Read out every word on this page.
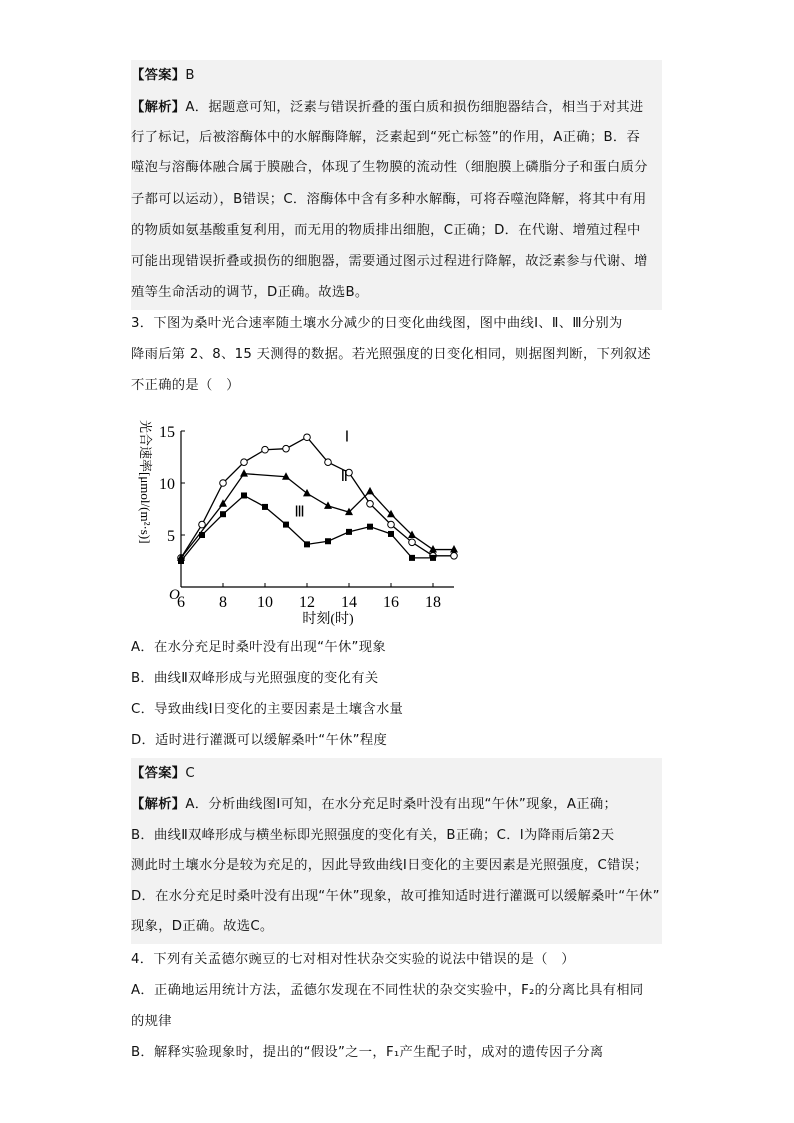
【答案】B
【解析】A．据题意可知，泛素与错误折叠的蛋白质和损伤细胞器结合，相当于对其进
行了标记，后被溶酶体中的水解酶降解，泛素起到“死亡标签”的作用，A正确；B．吞
噬泡与溶酶体融合属于膜融合，体现了生物膜的流动性（细胞膜上磷脂分子和蛋白质分
子都可以运动），B错误；C．溶酶体中含有多种水解酶，可将吞噬泡降解，将其中有用
的物质如氨基酸重复利用，而无用的物质排出细胞，C正确；D．在代谢、增殖过程中
可能出现错误折叠或损伤的细胞器，需要通过图示过程进行降解，故泛素参与代谢、增
殖等生命活动的调节，D正确。故选B。
3．下图为桑叶光合速率随土壤水分减少的日变化曲线图，图中曲线Ⅰ、Ⅱ、Ⅲ分别为
降雨后第 2、8、15 天测得的数据。若光照强度的日变化相同，则据图判断，下列叙述
不正确的是（　）
O
6 8 10 12 14 16 18
5
10
15
时刻(时)
光合速率[μmol/(m²·s)]	Ⅰ
Ⅱ
Ⅲ
A．在水分充足时桑叶没有出现“午休”现象
B．曲线Ⅱ双峰形成与光照强度的变化有关
C．导致曲线Ⅰ日变化的主要因素是土壤含水量
D．适时进行灌溉可以缓解桑叶“午休”程度
【答案】C
【解析】A．分析曲线图Ⅰ可知，在水分充足时桑叶没有出现“午休”现象，A正确；
B．曲线Ⅱ双峰形成与横坐标即光照强度的变化有关，B正确；C．Ⅰ为降雨后第2天
测此时土壤水分是较为充足的，因此导致曲线Ⅰ日变化的主要因素是光照强度，C错误；
D．在水分充足时桑叶没有出现“午休”现象，故可推知适时进行灌溉可以缓解桑叶“午休”
现象，D正确。故选C。
4．下列有关孟德尔豌豆的七对相对性状杂交实验的说法中错误的是（　）
A．正确地运用统计方法，孟德尔发现在不同性状的杂交实验中，F₂的分离比具有相同
的规律
B．解释实验现象时，提出的“假设”之一，F₁产生配子时，成对的遗传因子分离
